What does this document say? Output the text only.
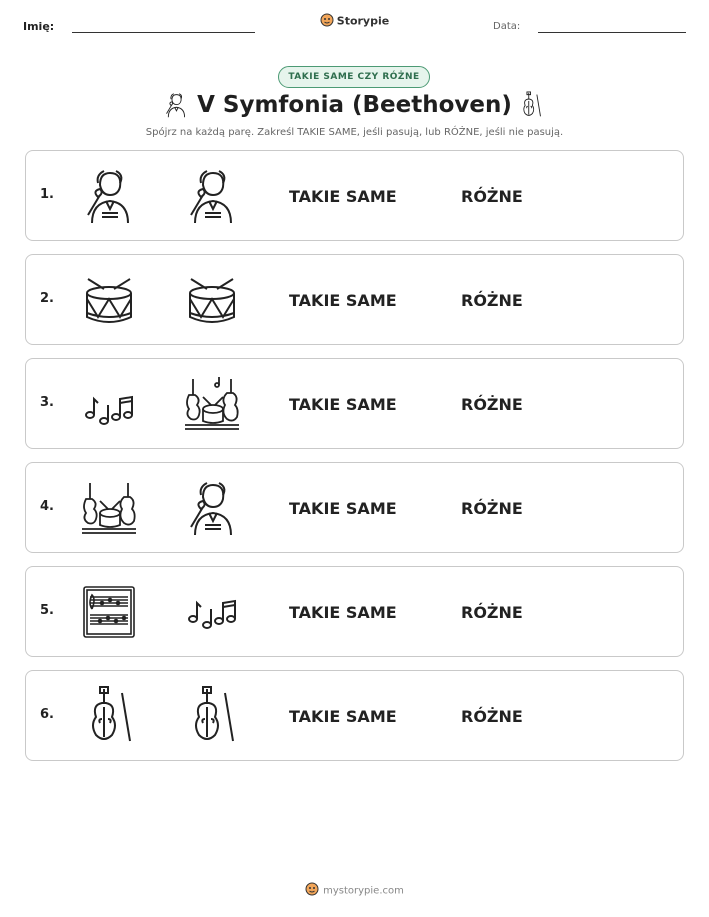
Imię:	Storypie	Data:
TAKIE SAME CZY RÓŻNE
V Symfonia (Beethoven)
Spójrz na każdą parę. Zakreśl TAKIE SAME, jeśli pasują, lub RÓŻNE, jeśli nie pasują.
1.	TAKIE SAME	RÓŻNE
2.	TAKIE SAME	RÓŻNE
3.	TAKIE SAME	RÓŻNE
4.	TAKIE SAME	RÓŻNE
5.	TAKIE SAME	RÓŻNE
6.	TAKIE SAME	RÓŻNE
mystorypie.com
